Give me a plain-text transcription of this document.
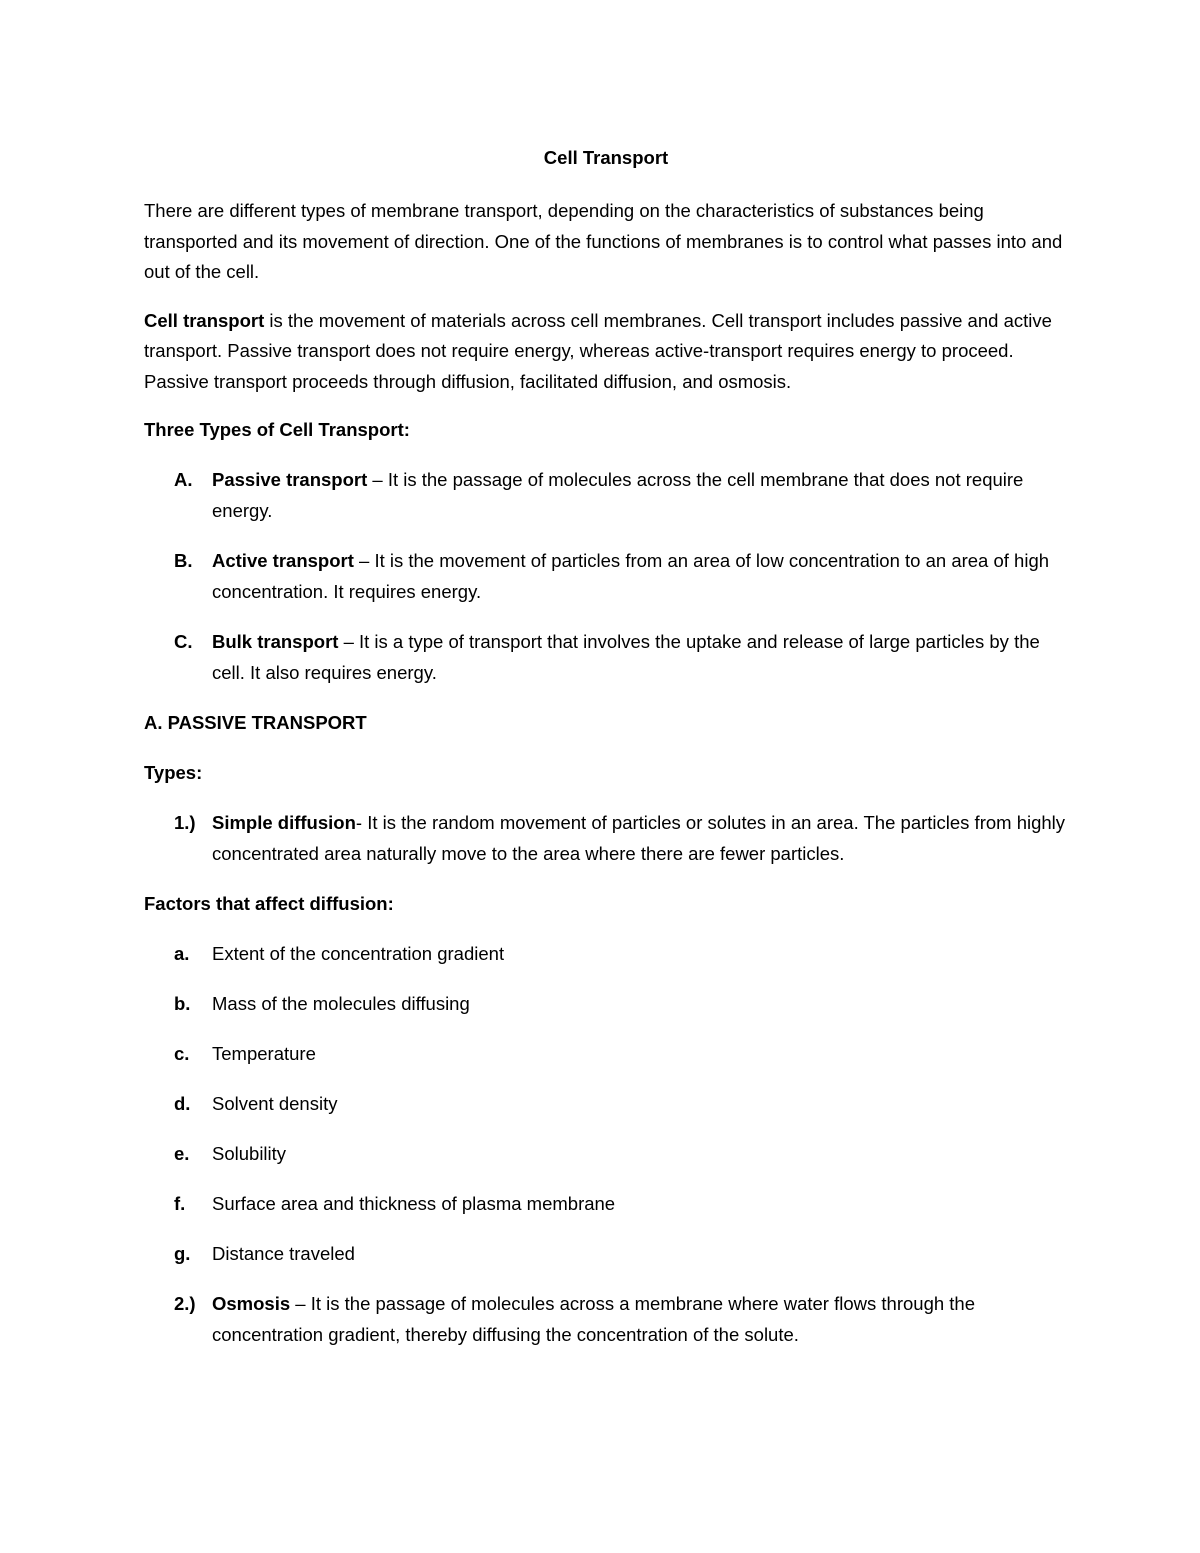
Cell Transport

There are different types of membrane transport, depending on the characteristics of substances being transported and its movement of direction. One of the functions of membranes is to control what passes into and out of the cell.

Cell transport is the movement of materials across cell membranes. Cell transport includes passive and active transport. Passive transport does not require energy, whereas active-transport requires energy to proceed. Passive transport proceeds through diffusion, facilitated diffusion, and osmosis.

Three Types of Cell Transport:
A.	Passive transport – It is the passage of molecules across the cell membrane that does not require energy.
B.	Active transport – It is the movement of particles from an area of low concentration to an area of high concentration. It requires energy.
C.	Bulk transport – It is a type of transport that involves the uptake and release of large particles by the cell. It also requires energy.
A. PASSIVE TRANSPORT
Types:
1.) Simple diffusion- It is the random movement of particles or solutes in an area. The particles from highly concentrated area naturally move to the area where there are fewer particles.
Factors that affect diffusion:
a.	Extent of the concentration gradient
b.	Mass of the molecules diffusing
c.	Temperature
d.	Solvent density
e.	Solubility
f.	Surface area and thickness of plasma membrane
g.	Distance traveled
2.) Osmosis – It is the passage of molecules across a membrane where water flows through the concentration gradient, thereby diffusing the concentration of the solute.
